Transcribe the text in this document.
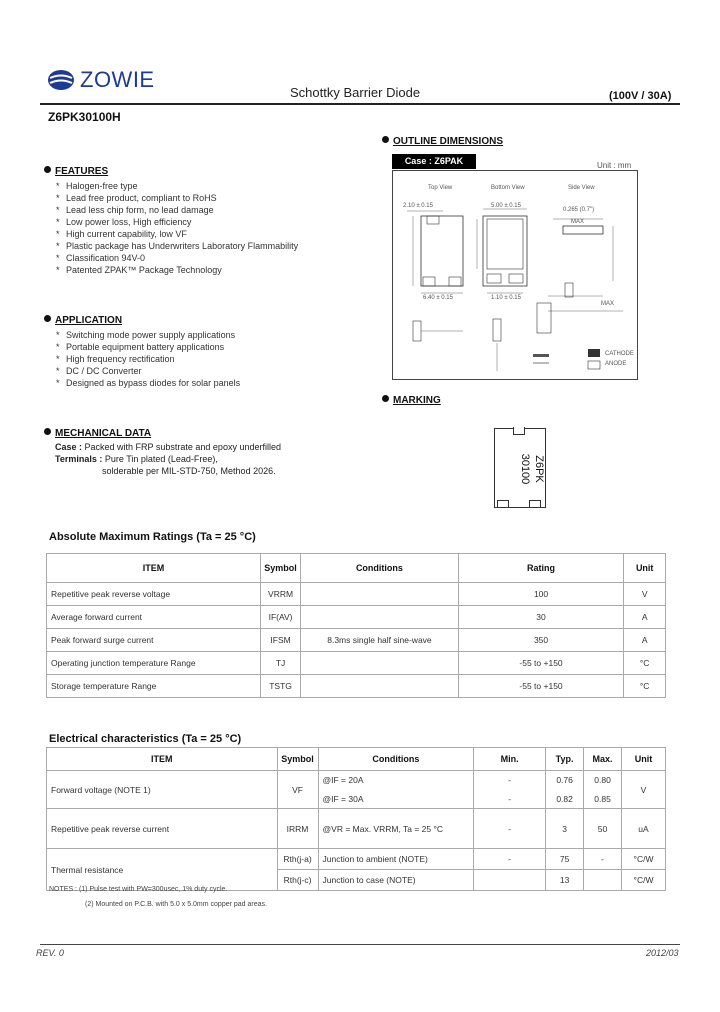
ZOWIE
Schottky Barrier Diode	(100V / 30A)
Z6PK30100H
FEATURES
* Halogen-free type
* Lead free product, compliant to RoHS
* Lead less chip form, no lead damage
* Low power loss, High efficiency
* High current capability, low VF
* Plastic package has Underwriters Laboratory Flammability
* Classification 94V-0
* Patented ZPAK™ Package Technology
APPLICATION
* Switching mode power supply applications
* Portable equipment battery applications
* High frequency rectification
* DC / DC Converter
* Designed as bypass diodes for solar panels
MECHANICAL DATA
Case : Packed with FRP substrate and epoxy underfilled
Terminals : Pure Tin plated (Lead-Free),
solderable per MIL-STD-750, Method 2026.
OUTLINE DIMENSIONS
Case : Z6PAK	Unit : mm
Top View	Bottom View	Side View
2.10 ± 0.15	5.00 ± 0.15
6.40 ± 0.15	1.10 ± 0.15
0.265 (0.7")
MAX
MAX
CATHODE
ANODE
MARKING
Z6PK
30100
Absolute Maximum Ratings (Ta = 25 °C)
ITEM	Symbol	Conditions	Rating	Unit
Repetitive peak reverse voltage	VRRM		100	V
Average forward current	IF(AV)		30	A
Peak forward surge current	IFSM	8.3ms single half sine-wave	350	A
Operating junction temperature Range	TJ		-55 to +150	°C
Storage temperature Range	TSTG		-55 to +150	°C
Electrical characteristics (Ta = 25 °C)
ITEM	Symbol	Conditions	Min.	Typ.	Max.	Unit
Forward voltage (NOTE 1)	VF	@IF = 20A	-	0.76	0.80	V
		@IF = 30A	-	0.82	0.85	
Repetitive peak reverse current	IRRM	@VR = Max. VRRM, Ta = 25 °C	-	3	50	uA
Thermal resistance	Rth(j-a)	Junction to ambient (NOTE)	-	75	-	°C/W
	Rth(j-c)	Junction to case (NOTE)		13		°C/W
NOTES : (1) Pulse test with PW=300usec, 1% duty cycle.
(2) Mounted on P.C.B. with 5.0 x 5.0mm copper pad areas.
REV. 0	2012/03
